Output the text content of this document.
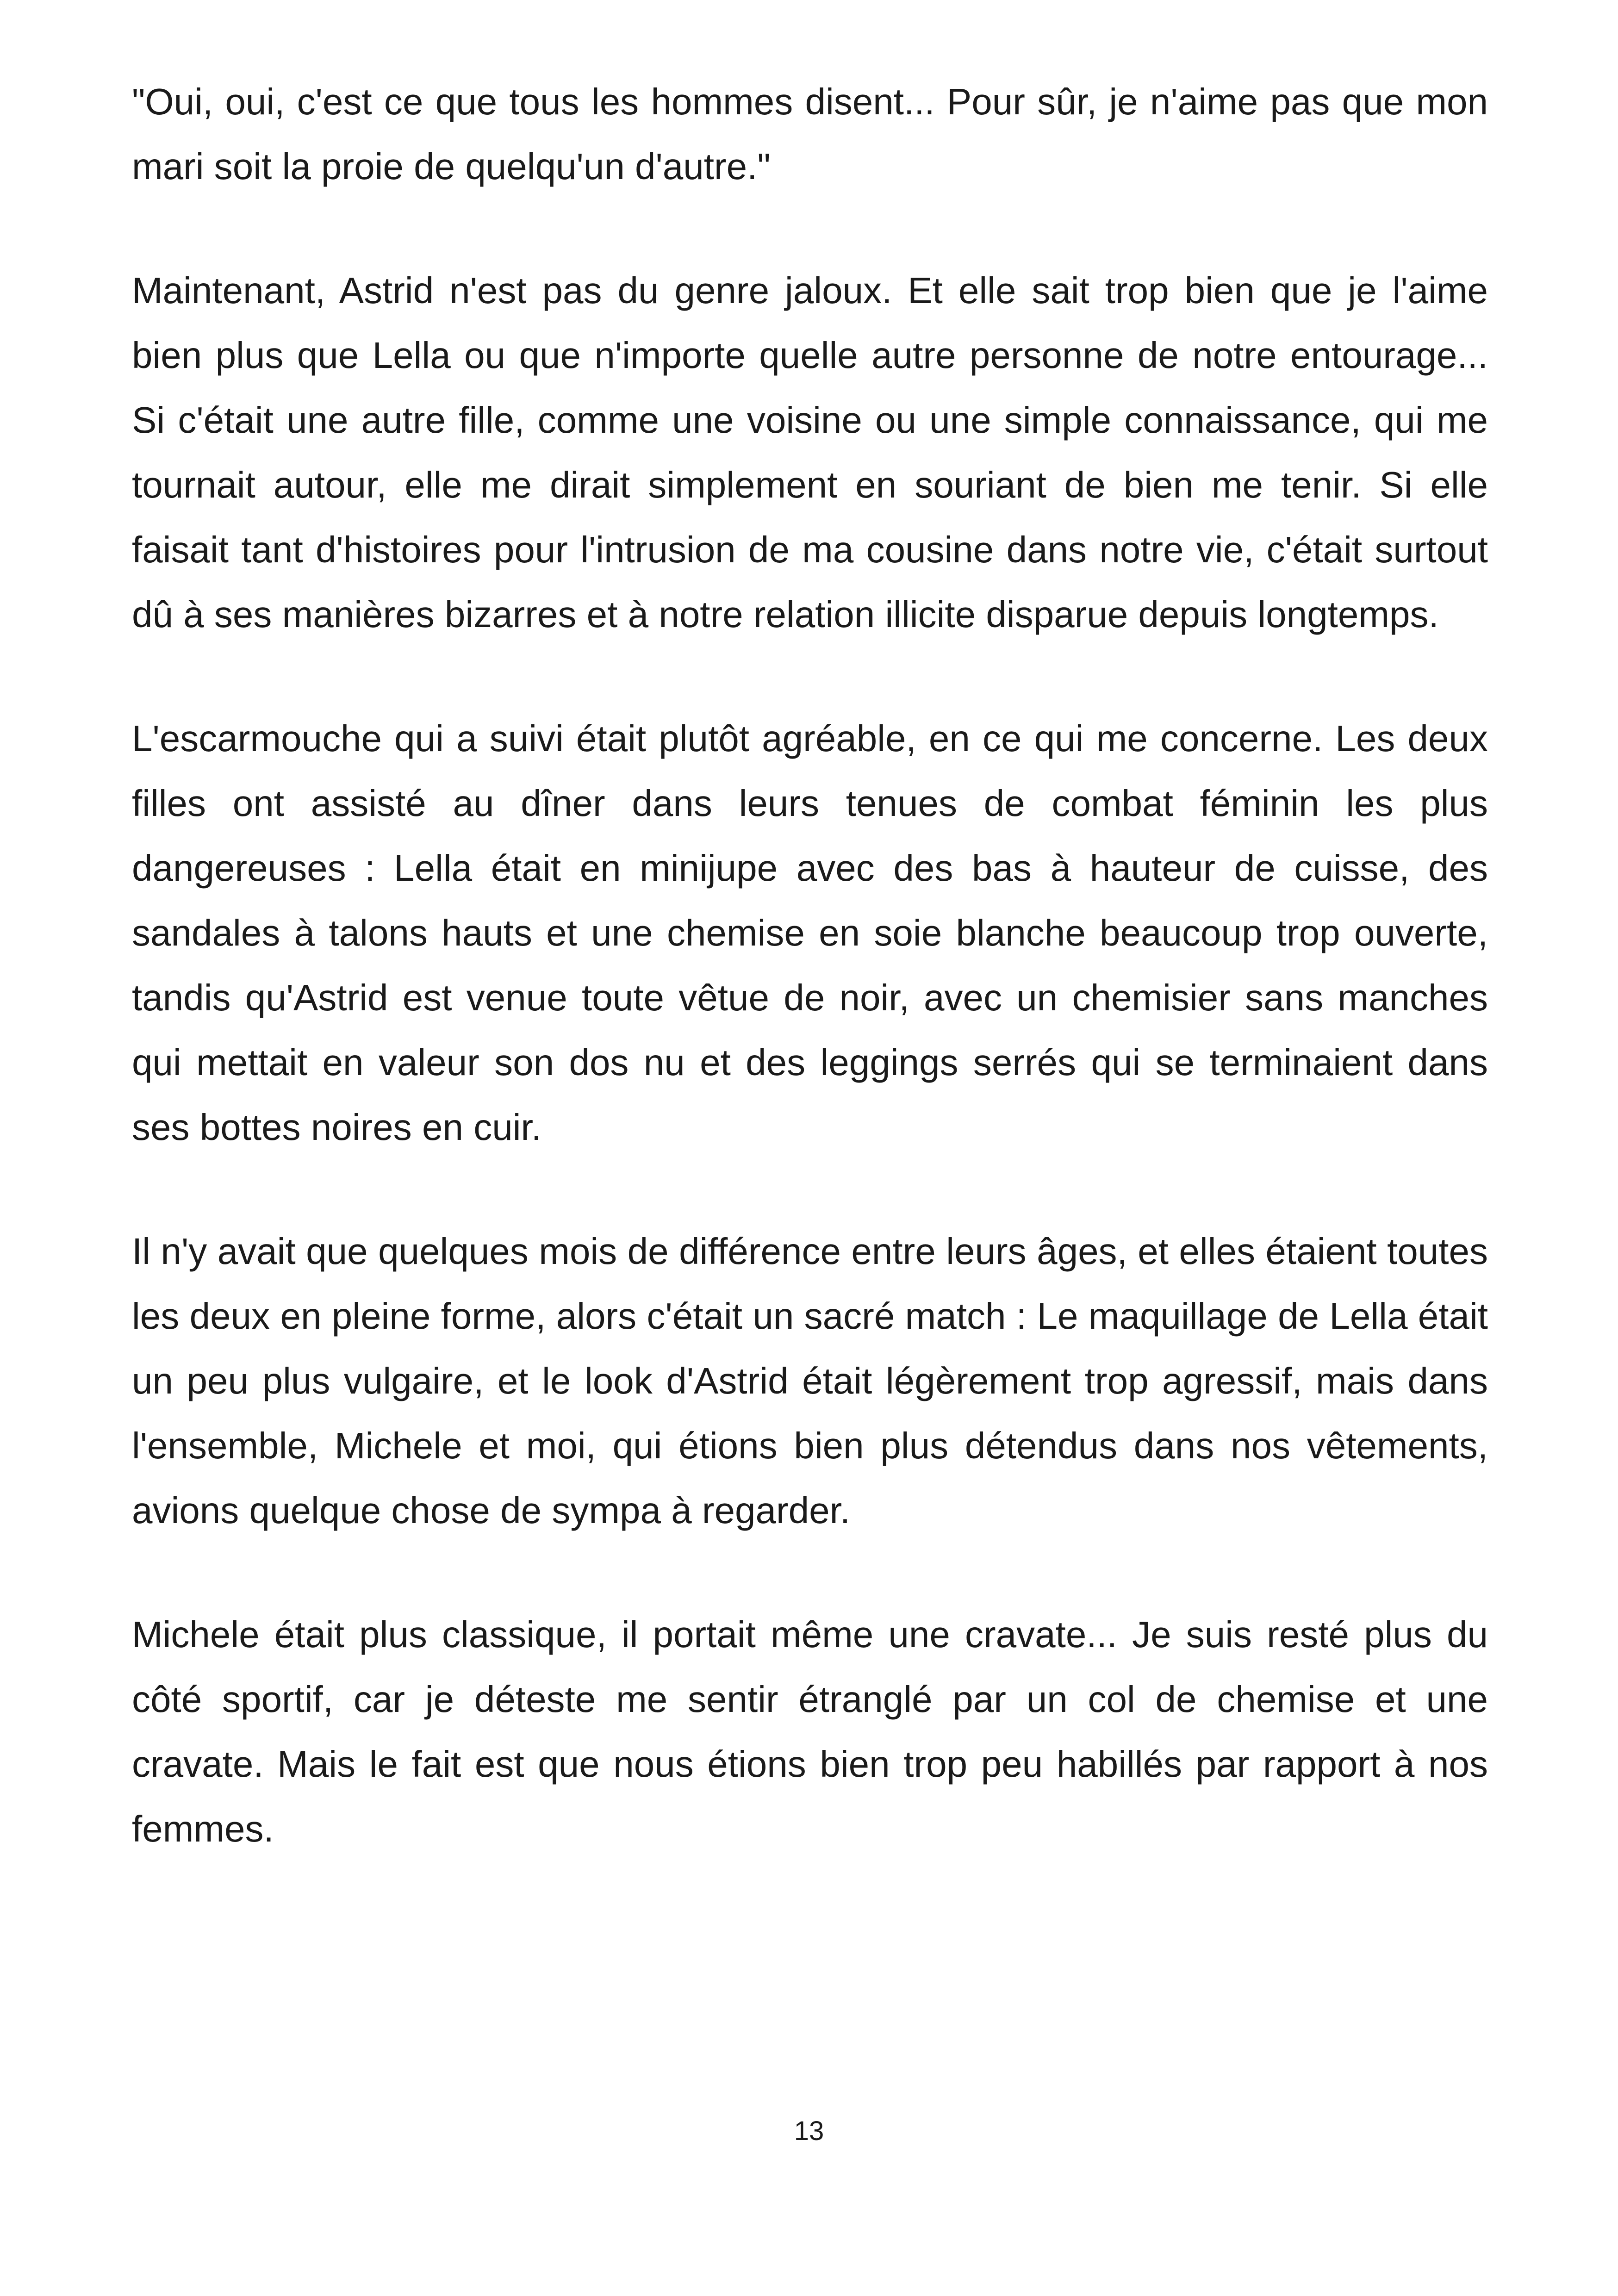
"Oui, oui, c'est ce que tous les hommes disent... Pour sûr, je n'aime pas que mon mari soit la proie de quelqu'un d'autre."

Maintenant, Astrid n'est pas du genre jaloux. Et elle sait trop bien que je l'aime bien plus que Lella ou que n'importe quelle autre personne de notre entourage... Si c'était une autre fille, comme une voisine ou une simple connaissance, qui me tournait autour, elle me dirait simplement en souriant de bien me tenir. Si elle faisait tant d'histoires pour l'intrusion de ma cousine dans notre vie, c'était surtout dû à ses manières bizarres et à notre relation illicite disparue depuis longtemps.

L'escarmouche qui a suivi était plutôt agréable, en ce qui me concerne. Les deux filles ont assisté au dîner dans leurs tenues de combat féminin les plus dangereuses : Lella était en minijupe avec des bas à hauteur de cuisse, des sandales à talons hauts et une chemise en soie blanche beaucoup trop ouverte, tandis qu'Astrid est venue toute vêtue de noir, avec un chemisier sans manches qui mettait en valeur son dos nu et des leggings serrés qui se terminaient dans ses bottes noires en cuir.

Il n'y avait que quelques mois de différence entre leurs âges, et elles étaient toutes les deux en pleine forme, alors c'était un sacré match : Le maquillage de Lella était un peu plus vulgaire, et le look d'Astrid était légèrement trop agressif, mais dans l'ensemble, Michele et moi, qui étions bien plus détendus dans nos vêtements, avions quelque chose de sympa à regarder.

Michele était plus classique, il portait même une cravate... Je suis resté plus du côté sportif, car je déteste me sentir étranglé par un col de chemise et une cravate. Mais le fait est que nous étions bien trop peu habillés par rapport à nos femmes.

13
